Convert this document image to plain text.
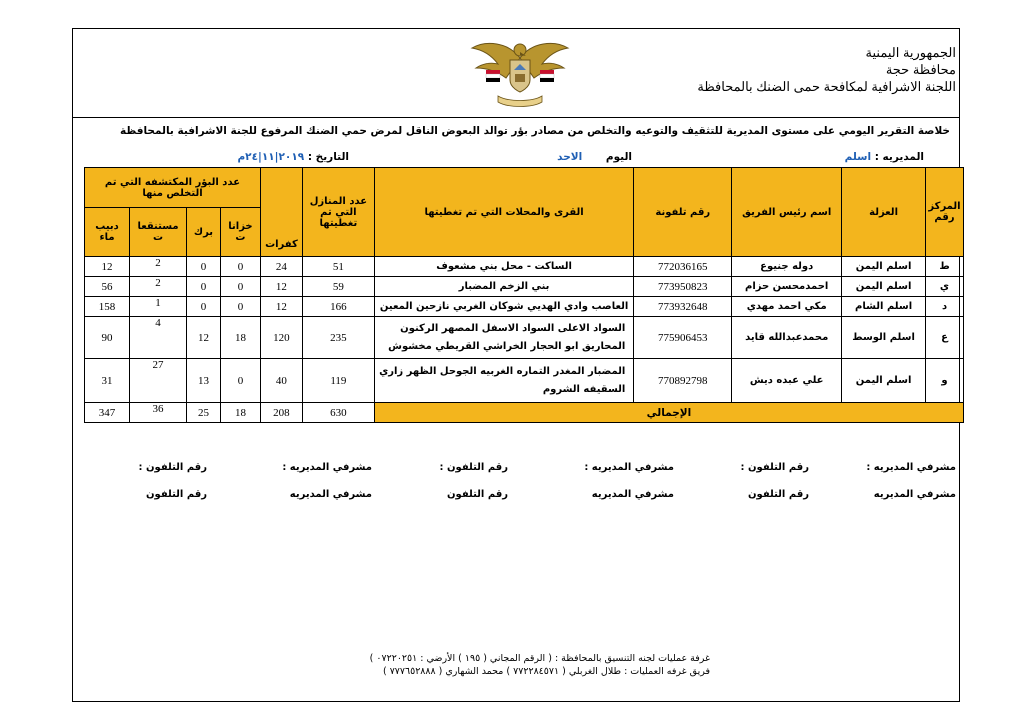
الجمهورية اليمنية
محافظة حجة
اللجنة الاشرافية لمكافحة حمى الضنك بالمحافظة
خلاصة التقرير اليومي على مستوى المديرية للتثقيف والتوعيه والتخلص من مصادر بؤر توالد البعوض الناقل لمرض حمي الضنك المرفوع للجنة الاشرافية بالمحافظة
المديريه : اسلم
اليوم الاحد
التاريخ : ٢٠١٩|١١|٢٤م
المركز رقم	العزلة	اسم رئيس الفريق	رقم تلفونة	القرى والمحلات التي تم تغطيتها	عدد المنازل التي تم تغطيتها	كفرات	عدد البؤر المكتشفه التي تم التخلص منها			
							خزانا ت	برك	مستنقعا ت	دبيب ماء
ط	اسلم اليمن	دوله جنيوع	772036165	الساكت - محل بني مشعوف	51	24	0	0	2	12
ي	اسلم اليمن	احمدمحسن حزام	773950823	بني الزخم المضبار	59	12	0	0	2	56
د	اسلم الشام	مكي احمد مهدي	773932648	العاصب وادي الهديي شوكان الغربي نازحين المعين	166	12	0	0	1	158
ع	اسلم الوسط	محمدعبدالله قايد	775906453	السواد الاعلى السواد الاسفل المصهر الركنون المحاريق ابو الحجار الخراشي القريطي مخشوش	235	120	18	12	4	90
و	اسلم اليمن	علي عبده ديش	770892798	المضبار المغدر التماره الغربيه الجوحل الظهر زاري السقيفه الشروم	119	40	0	13	27	31
الإجمالي					630	208	18	25	36	347
مشرفي المديريه :
رقم التلفون :
مشرفي المديريه :
رقم التلفون :
مشرفي المديريه :
رقم التلفون :
مشرفي المديريه
رقم التلفون
مشرفي المديريه
رقم التلفون
مشرفي المديريه
رقم التلفون
غرفة عمليات لجنه التنسيق بالمحافظة : ( الرقم المجاني ( ١٩٥ ) الأرضي : ٠٧٢٢٠٢٥١ )
فريق غرفه العمليات : طلال الغربلي ( ٧٧٢٢٨٤٥٧١ ) محمد الشهاري ( ٧٧٧٦٥٢٨٨٨ )
